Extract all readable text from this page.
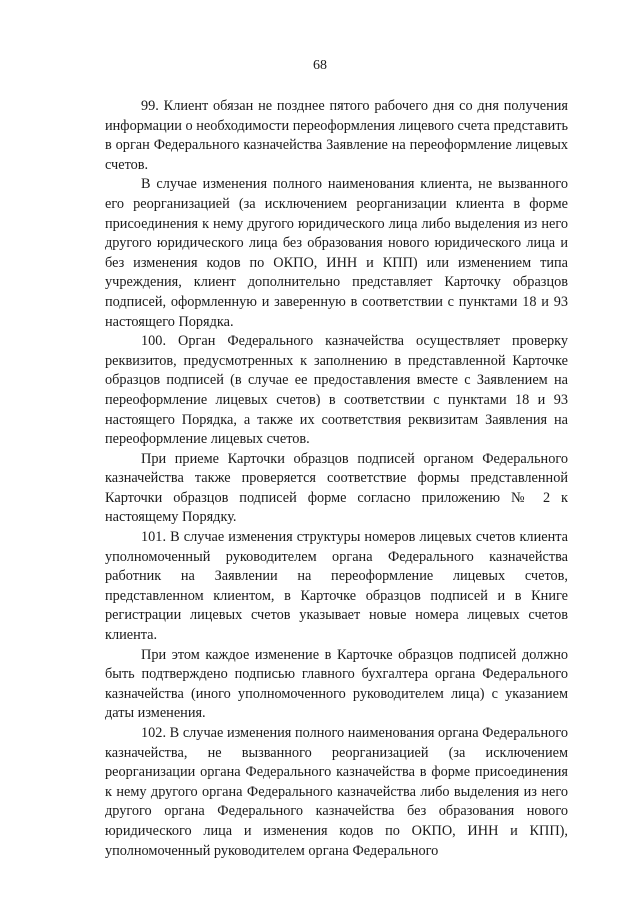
68

99. Клиент обязан не позднее пятого рабочего дня со дня получения информации о необходимости переоформления лицевого счета представить в орган Федерального казначейства Заявление на переоформление лицевых счетов.

В случае изменения полного наименования клиента, не вызванного его реорганизацией (за исключением реорганизации клиента в форме присоединения к нему другого юридического лица либо выделения из него другого юридического лица без образования нового юридического лица и без изменения кодов по ОКПО, ИНН и КПП) или изменением типа учреждения, клиент дополнительно представляет Карточку образцов подписей, оформленную и заверенную в соответствии с пунктами 18 и 93 настоящего Порядка.

100. Орган Федерального казначейства осуществляет проверку реквизитов, предусмотренных к заполнению в представленной Карточке образцов подписей (в случае ее предоставления вместе с Заявлением на переоформление лицевых счетов) в соответствии с пунктами 18 и 93 настоящего Порядка, а также их соответствия реквизитам Заявления на переоформление лицевых счетов.

При приеме Карточки образцов подписей органом Федерального казначейства также проверяется соответствие формы представленной Карточки образцов подписей форме согласно приложению № 2 к настоящему Порядку.

101. В случае изменения структуры номеров лицевых счетов клиента уполномоченный руководителем органа Федерального казначейства работник на Заявлении на переоформление лицевых счетов, представленном клиентом, в Карточке образцов подписей и в Книге регистрации лицевых счетов указывает новые номера лицевых счетов клиента.

При этом каждое изменение в Карточке образцов подписей должно быть подтверждено подписью главного бухгалтера органа Федерального казначейства (иного уполномоченного руководителем лица) с указанием даты изменения.

102. В случае изменения полного наименования органа Федерального казначейства, не вызванного реорганизацией (за исключением реорганизации органа Федерального казначейства в форме присоединения к нему другого органа Федерального казначейства либо выделения из него другого органа Федерального казначейства без образования нового юридического лица и изменения кодов по ОКПО, ИНН и КПП), уполномоченный руководителем органа Федерального
